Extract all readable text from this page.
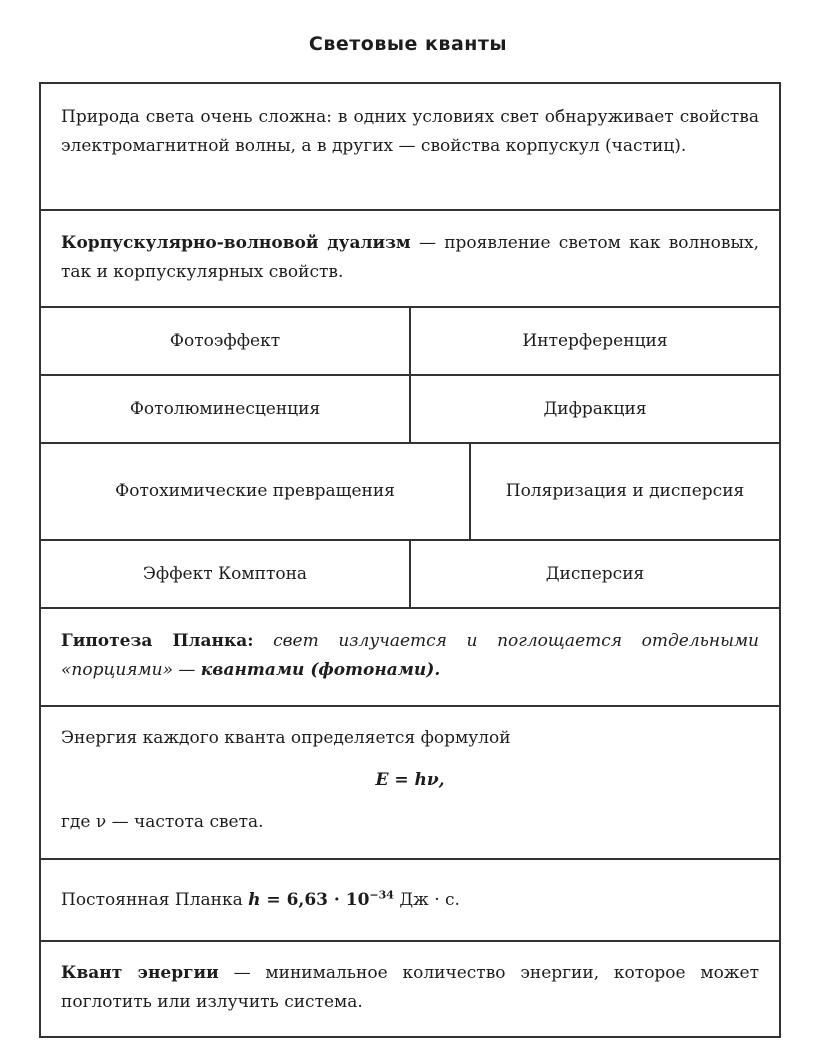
Световые кванты

Природа света очень сложна: в одних условиях свет обнаруживает свойства электромагнитной волны, а в других — свойства корпускул (частиц).

Корпускулярно-волновой дуализм — проявление светом как волновых, так и корпускулярных свойств.

Фотоэффект	Интерференция
Фотолюминесценция	Дифракция
Фотохимические превращения	Поляризация и дисперсия
Эффект Комптона	Дисперсия

Гипотеза Планка: свет излучается и поглощается отдельными «порциями» — квантами (фотонами).

Энергия каждого кванта определяется формулой

E = hν,

где ν — частота света.

Постоянная Планка $h = 6,63 \cdot 10^{-34}$ Дж · с.

Квант энергии — минимальное количество энергии, которое может поглотить или излучить система.
